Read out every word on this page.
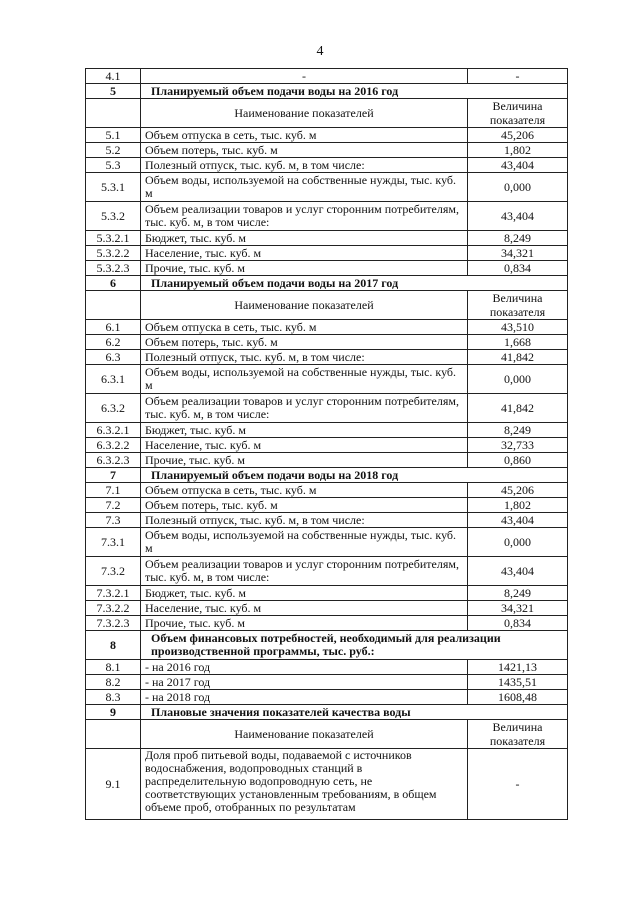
4
4.1	-	-
5	Планируемый объем подачи воды на 2016 год	
	Наименование показателей	Величина показателя
5.1	Объем отпуска в сеть, тыс. куб. м	45,206
5.2	Объем потерь, тыс. куб. м	1,802
5.3	Полезный отпуск, тыс. куб. м, в том числе:	43,404
5.3.1	Объем воды, используемой на собственные нужды, тыс. куб. м	0,000
5.3.2	Объем реализации товаров и услуг сторонним потребителям, тыс. куб. м, в том числе:	43,404
5.3.2.1	Бюджет, тыс. куб. м	8,249
5.3.2.2	Население, тыс. куб. м	34,321
5.3.2.3	Прочие, тыс. куб. м	0,834
6	Планируемый объем подачи воды на 2017 год	
	Наименование показателей	Величина показателя
6.1	Объем отпуска в сеть, тыс. куб. м	43,510
6.2	Объем потерь, тыс. куб. м	1,668
6.3	Полезный отпуск, тыс. куб. м, в том числе:	41,842
6.3.1	Объем воды, используемой на собственные нужды, тыс. куб. м	0,000
6.3.2	Объем реализации товаров и услуг сторонним потребителям, тыс. куб. м, в том числе:	41,842
6.3.2.1	Бюджет, тыс. куб. м	8,249
6.3.2.2	Население, тыс. куб. м	32,733
6.3.2.3	Прочие, тыс. куб. м	0,860
7	Планируемый объем подачи воды на 2018 год	
7.1	Объем отпуска в сеть, тыс. куб. м	45,206
7.2	Объем потерь, тыс. куб. м	1,802
7.3	Полезный отпуск, тыс. куб. м, в том числе:	43,404
7.3.1	Объем воды, используемой на собственные нужды, тыс. куб. м	0,000
7.3.2	Объем реализации товаров и услуг сторонним потребителям, тыс. куб. м, в том числе:	43,404
7.3.2.1	Бюджет, тыс. куб. м	8,249
7.3.2.2	Население, тыс. куб. м	34,321
7.3.2.3	Прочие, тыс. куб. м	0,834
8	Объем финансовых потребностей, необходимый для реализации производственной программы, тыс. руб.:	
8.1	- на 2016 год	1421,13
8.2	- на 2017 год	1435,51
8.3	- на 2018 год	1608,48
9	Плановые значения показателей качества воды	
	Наименование показателей	Величина показателя
9.1	Доля проб питьевой воды, подаваемой с источников водоснабжения, водопроводных станций в распределительную водопроводную сеть, не соответствующих установленным требованиям, в общем объеме проб, отобранных по результатам	-
